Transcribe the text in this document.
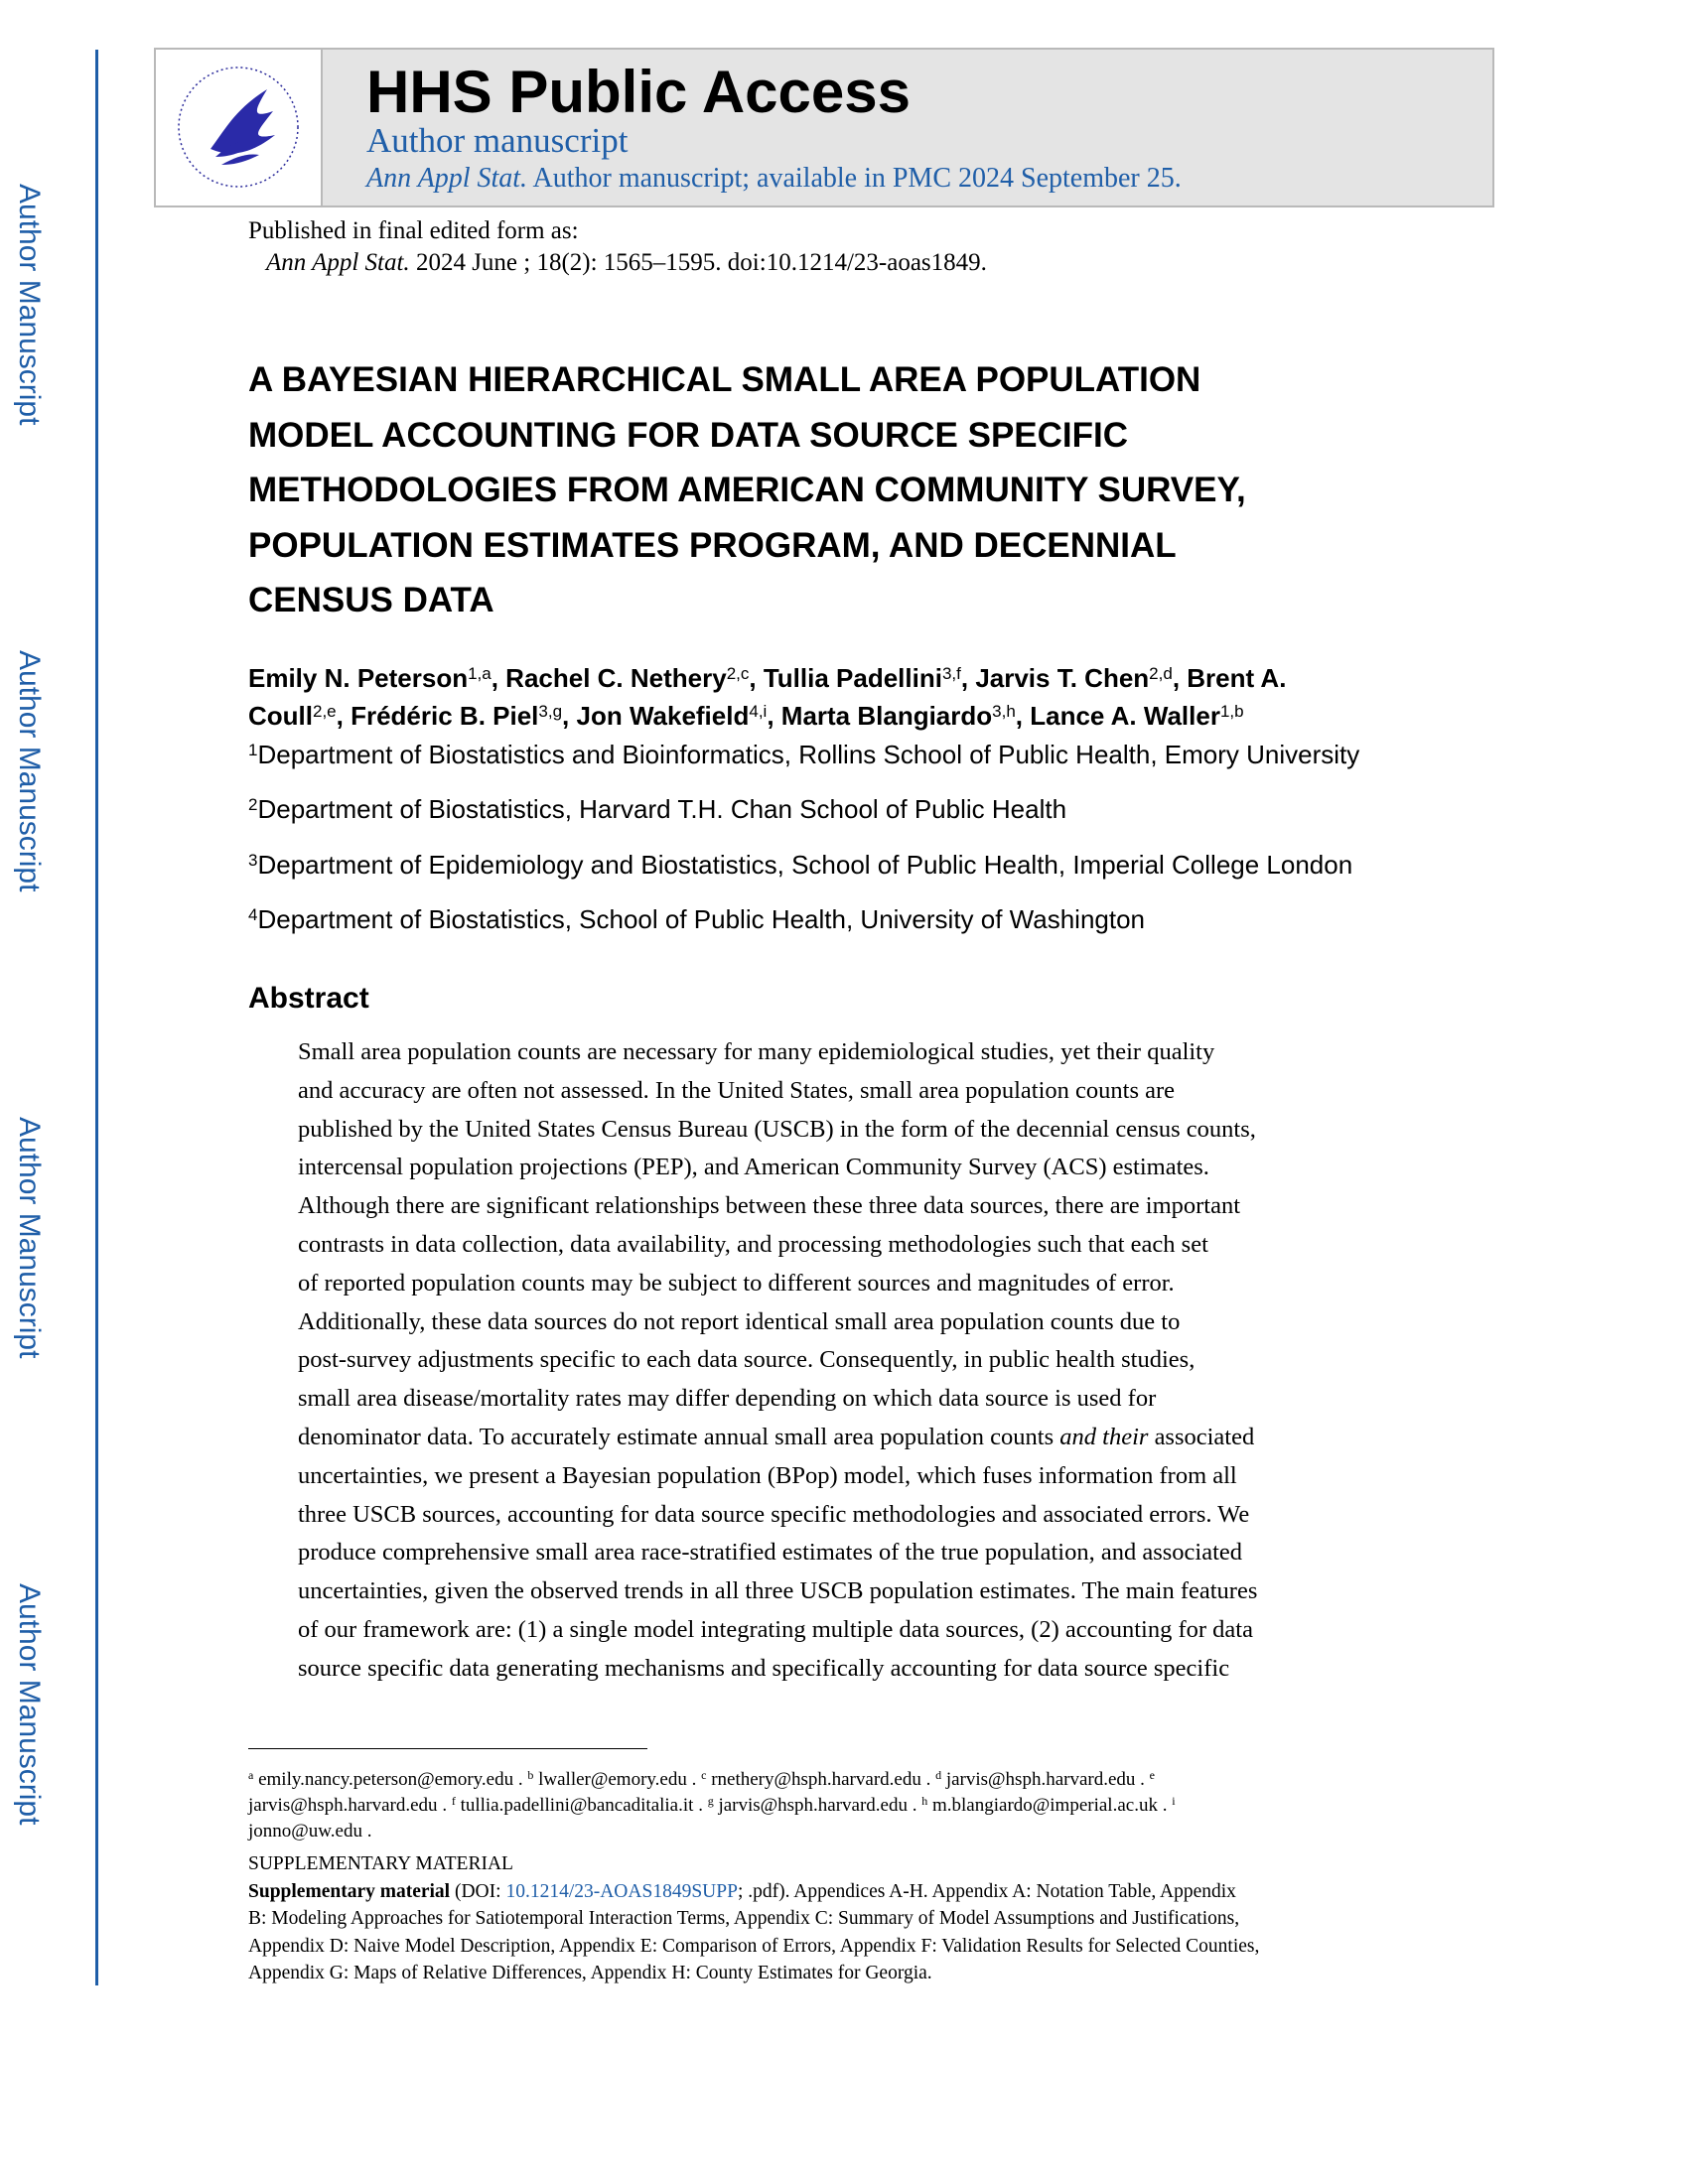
Author Manuscript
Author Manuscript
Author Manuscript
Author Manuscript
HHS Public Access
Author manuscript
Ann Appl Stat. Author manuscript; available in PMC 2024 September 25.
Published in final edited form as:
Ann Appl Stat. 2024 June ; 18(2): 1565–1595. doi:10.1214/23-aoas1849.
A BAYESIAN HIERARCHICAL SMALL AREA POPULATION
MODEL ACCOUNTING FOR DATA SOURCE SPECIFIC
METHODOLOGIES FROM AMERICAN COMMUNITY SURVEY,
POPULATION ESTIMATES PROGRAM, AND DECENNIAL
CENSUS DATA
Emily N. Peterson$^{1,a}$, Rachel C. Nethery$^{2,c}$, Tullia Padellini$^{3,f}$, Jarvis T. Chen$^{2,d}$, Brent A.
Coull$^{2,e}$, Frédéric B. Piel$^{3,g}$, Jon Wakefield$^{4,i}$, Marta Blangiardo$^{3,h}$, Lance A. Waller$^{1,b}$
$^1$Department of Biostatistics and Bioinformatics, Rollins School of Public Health, Emory University
$^2$Department of Biostatistics, Harvard T.H. Chan School of Public Health
$^3$Department of Epidemiology and Biostatistics, School of Public Health, Imperial College London
$^4$Department of Biostatistics, School of Public Health, University of Washington
Abstract
Small area population counts are necessary for many epidemiological studies, yet their quality
and accuracy are often not assessed. In the United States, small area population counts are
published by the United States Census Bureau (USCB) in the form of the decennial census counts,
intercensal population projections (PEP), and American Community Survey (ACS) estimates.
Although there are significant relationships between these three data sources, there are important
contrasts in data collection, data availability, and processing methodologies such that each set
of reported population counts may be subject to different sources and magnitudes of error.
Additionally, these data sources do not report identical small area population counts due to
post-survey adjustments specific to each data source. Consequently, in public health studies,
small area disease/mortality rates may differ depending on which data source is used for
denominator data. To accurately estimate annual small area population counts and their associated
uncertainties, we present a Bayesian population (BPop) model, which fuses information from all
three USCB sources, accounting for data source specific methodologies and associated errors. We
produce comprehensive small area race-stratified estimates of the true population, and associated
uncertainties, given the observed trends in all three USCB population estimates. The main features
of our framework are: (1) a single model integrating multiple data sources, (2) accounting for data
source specific data generating mechanisms and specifically accounting for data source specific
$^a$ emily.nancy.peterson@emory.edu . $^b$ lwaller@emory.edu . $^c$ rnethery@hsph.harvard.edu . $^d$ jarvis@hsph.harvard.edu . $^e$
jarvis@hsph.harvard.edu . $^f$ tullia.padellini@bancaditalia.it . $^g$ jarvis@hsph.harvard.edu . $^h$ m.blangiardo@imperial.ac.uk . $^i$
jonno@uw.edu .
SUPPLEMENTARY MATERIAL
Supplementary material (DOI: 10.1214/23-AOAS1849SUPP; .pdf). Appendices A-H. Appendix A: Notation Table, Appendix
B: Modeling Approaches for Satiotemporal Interaction Terms, Appendix C: Summary of Model Assumptions and Justifications,
Appendix D: Naive Model Description, Appendix E: Comparison of Errors, Appendix F: Validation Results for Selected Counties,
Appendix G: Maps of Relative Differences, Appendix H: County Estimates for Georgia.
